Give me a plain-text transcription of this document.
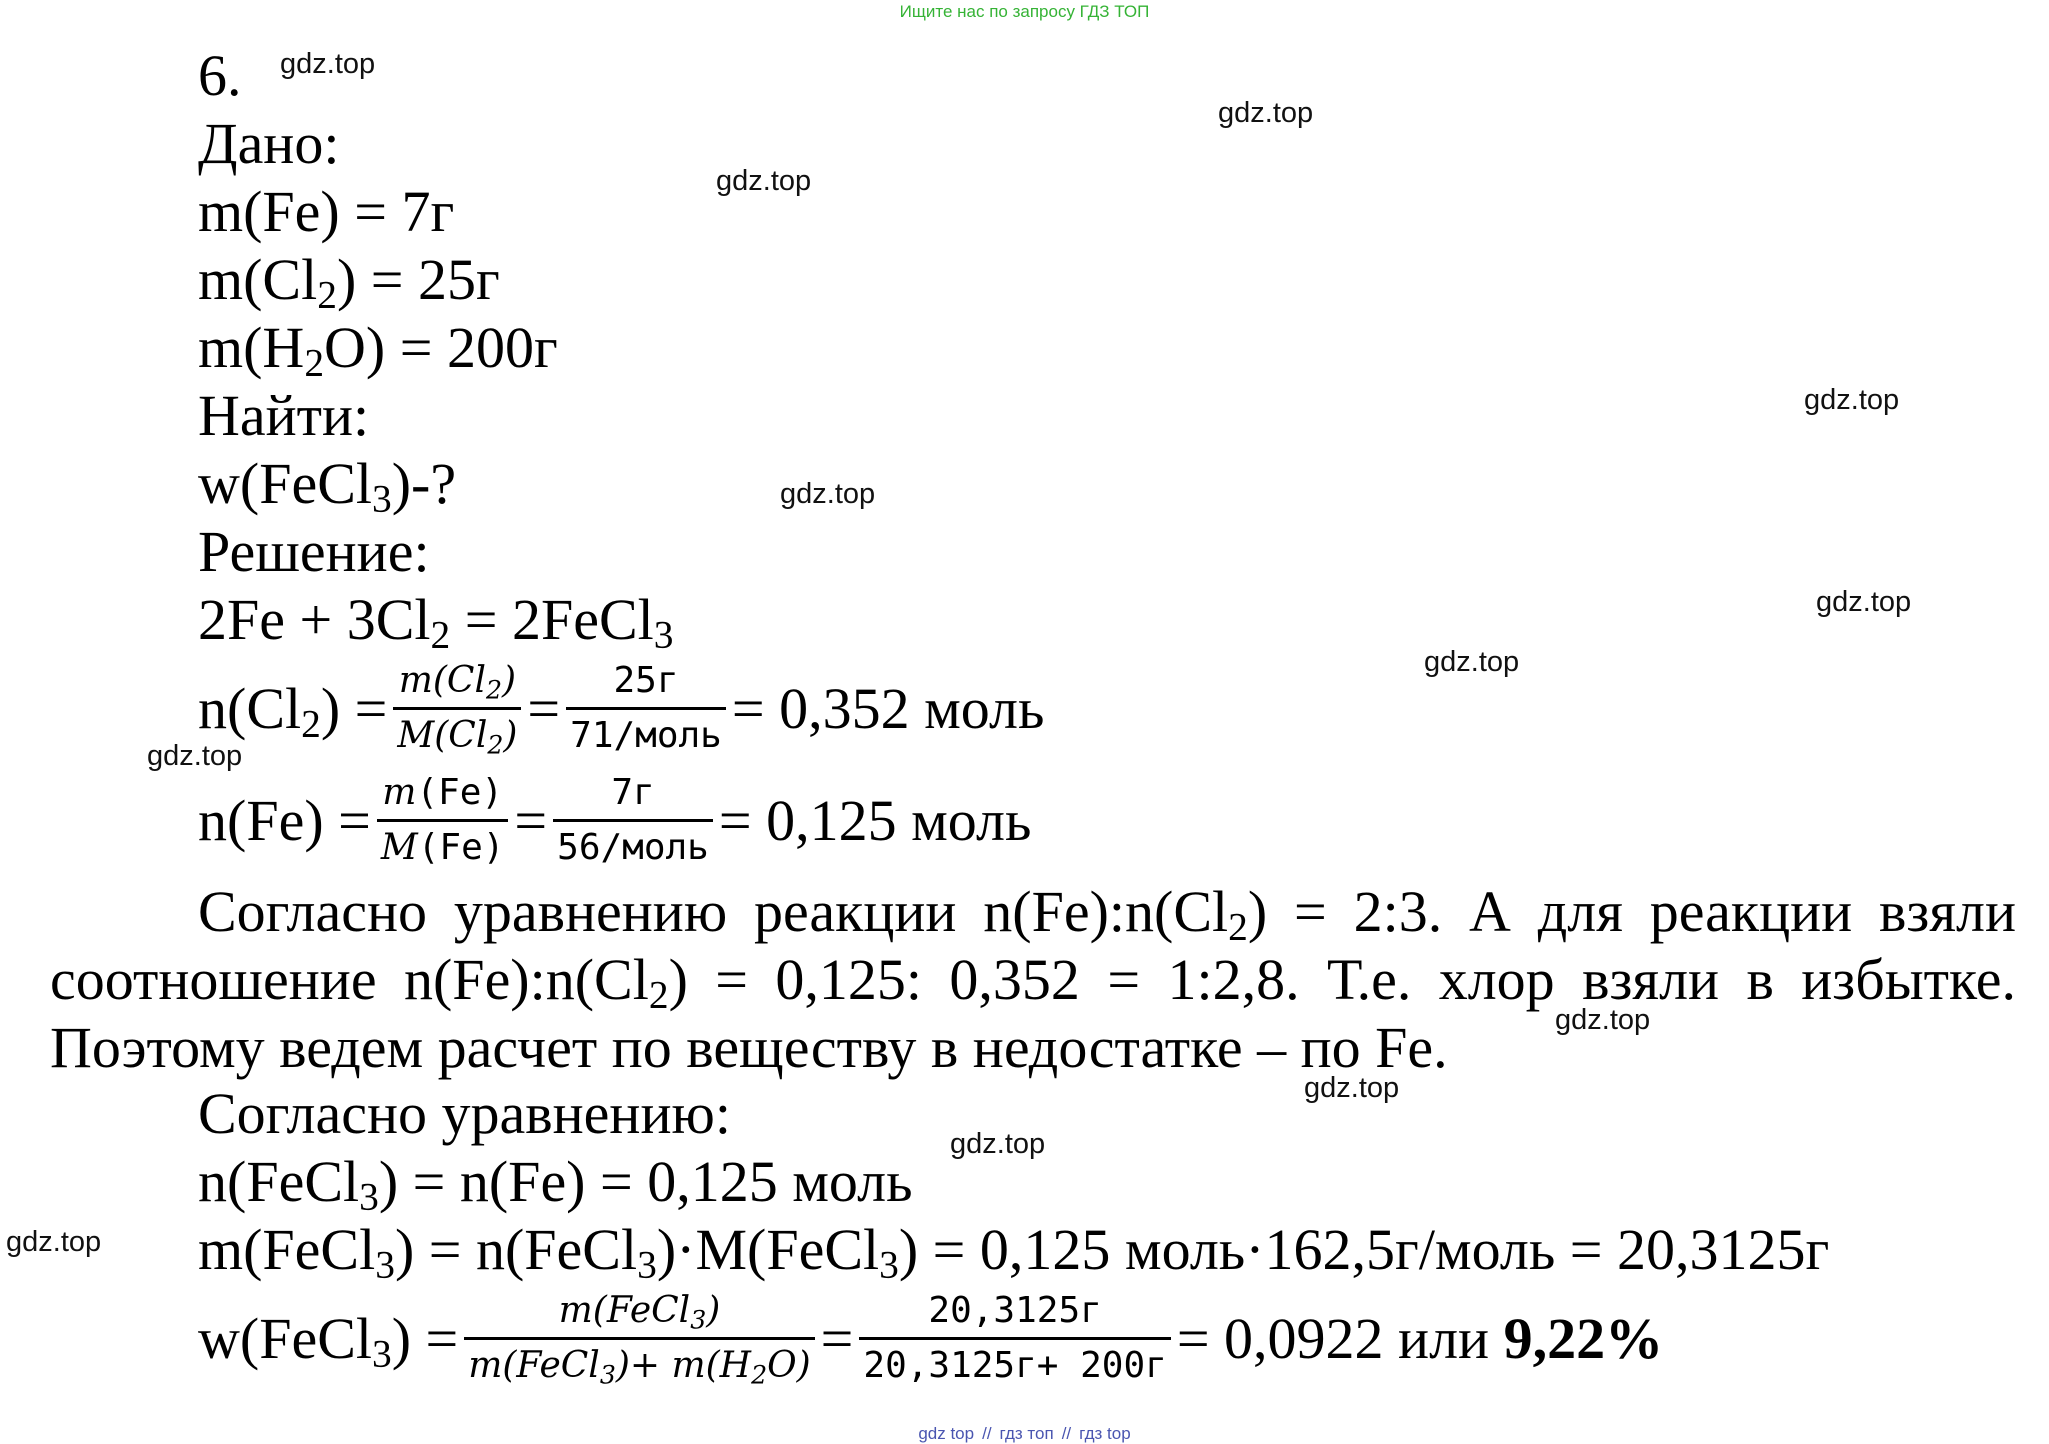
Ищите нас по запросу ГДЗ ТОП
gdz.top
gdz.top
gdz.top
gdz.top
gdz.top
gdz.top
gdz.top
gdz.top
gdz.top
gdz.top
gdz.top
gdz.top
6.
Дано:
m(Fe) = 7г
$m(Cl_2) = 25г$
$m(H_2O) = 200г$
Найти:
w(FeCl$_3$)-?
Решение:
$2Fe + 3Cl_2$ = 2FeCl$_3$
$n(Cl_2) = \frac{m(Cl_2)}{M(Cl_2)} = \frac{25г}{\text{71/моль}} = 0,352$ моль
$n(Fe) = \frac{m(Fe)}{M(Fe)} = \frac{7г}{\text{56/моль}} = 0,125$ моль

Согласно уравнению реакции $n(Fe):n(Cl_2)$ = 2:3. А для реакции взяли соотношение $n(Fe):n(Cl_2) = 0,125$: 0,352 = 1:2,8. Т.е. хлор взяли в избытке. Поэтому ведем расчет по веществу в недостатке – по Fe.

Согласно уравнению:
n(FeCl$_3$) = n(Fe) = 0,125 моль
m(FeCl$_3$) = n(FeCl$_3$)·M(FeCl$_3$) = 0,125 моль·162,5г/моль = 20,3125г
w(FeCl$_3$) = $\frac{m(FeCl_3)}{m(FeCl_3)+ m(H_2O)} = \frac{20,3125г}{20,3125г+ 200г} = 0,0922$ или 9,22%
gdz top // гдз топ // гдз top
